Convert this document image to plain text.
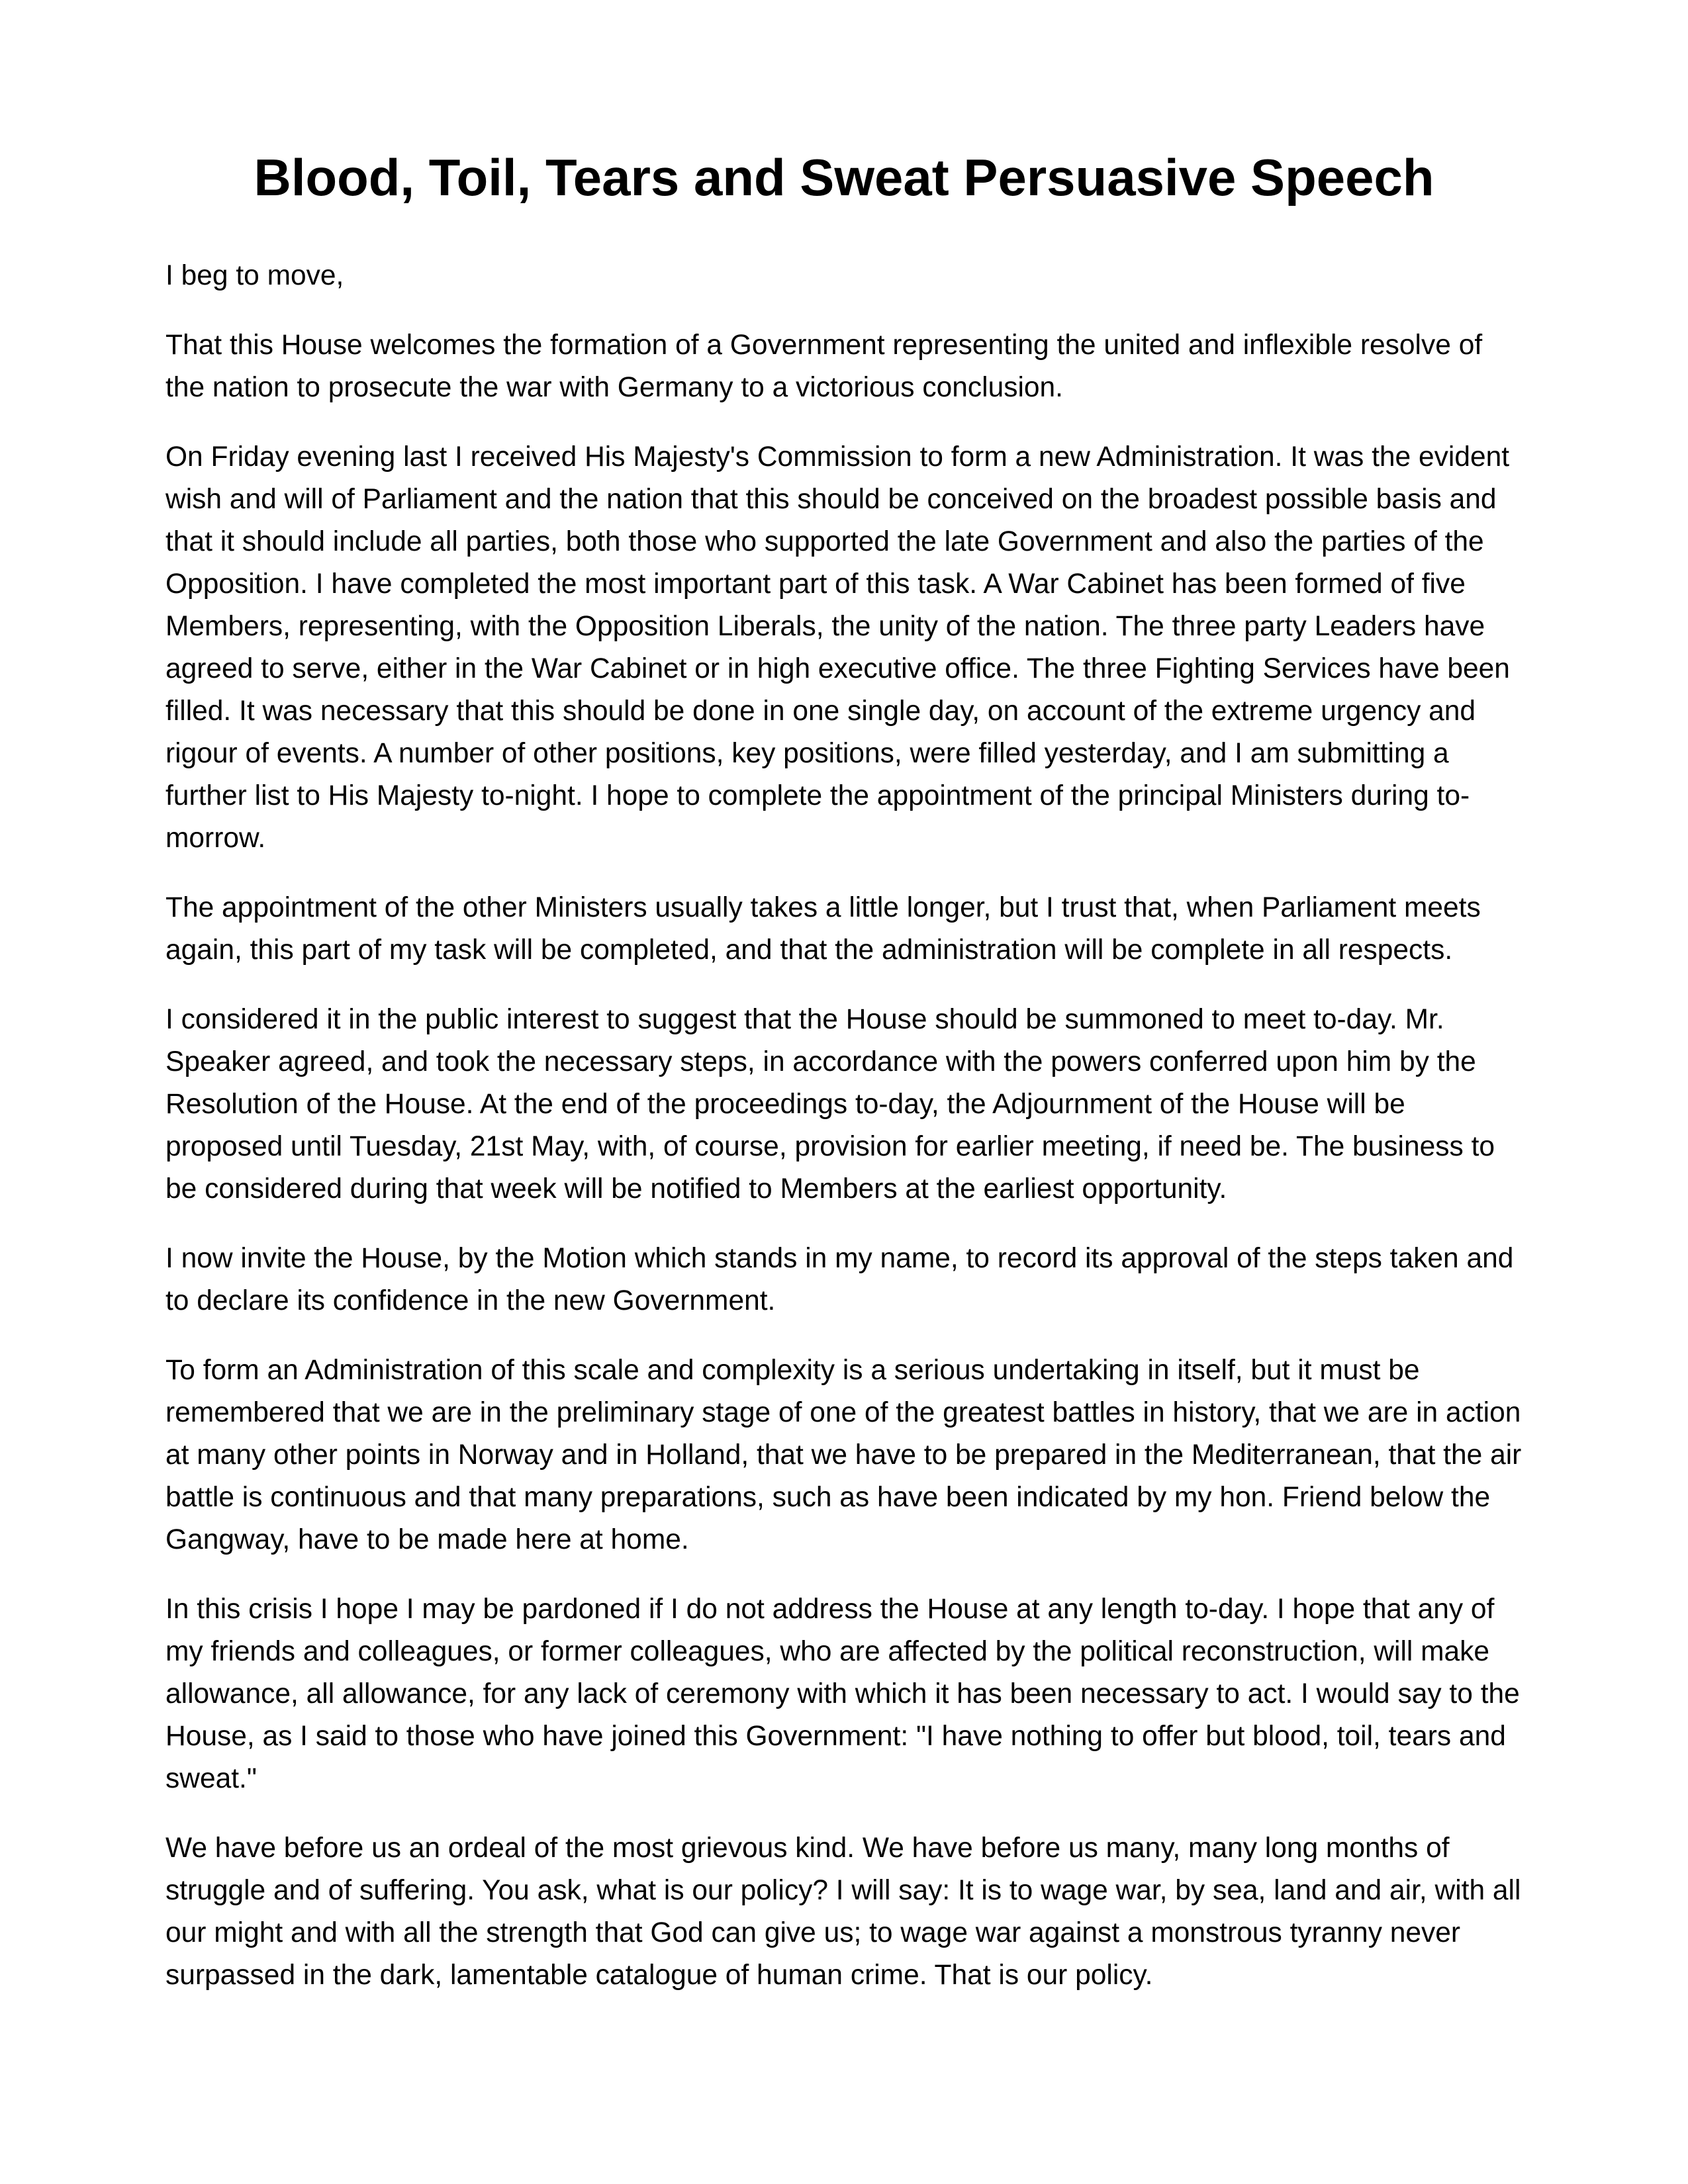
Blood, Toil, Tears and Sweat Persuasive Speech

I beg to move,

That this House welcomes the formation of a Government representing the united and inflexible resolve of the nation to prosecute the war with Germany to a victorious conclusion.

On Friday evening last I received His Majesty's Commission to form a new Administration. It was the evident wish and will of Parliament and the nation that this should be conceived on the broadest possible basis and that it should include all parties, both those who supported the late Government and also the parties of the Opposition. I have completed the most important part of this task. A War Cabinet has been formed of five Members, representing, with the Opposition Liberals, the unity of the nation. The three party Leaders have agreed to serve, either in the War Cabinet or in high executive office. The three Fighting Services have been filled. It was necessary that this should be done in one single day, on account of the extreme urgency and rigour of events. A number of other positions, key positions, were filled yesterday, and I am submitting a further list to His Majesty to-night. I hope to complete the appointment of the principal Ministers during to-morrow.

The appointment of the other Ministers usually takes a little longer, but I trust that, when Parliament meets again, this part of my task will be completed, and that the administration will be complete in all respects.

I considered it in the public interest to suggest that the House should be summoned to meet to-day. Mr. Speaker agreed, and took the necessary steps, in accordance with the powers conferred upon him by the Resolution of the House. At the end of the proceedings to-day, the Adjournment of the House will be proposed until Tuesday, 21st May, with, of course, provision for earlier meeting, if need be. The business to be considered during that week will be notified to Members at the earliest opportunity.

I now invite the House, by the Motion which stands in my name, to record its approval of the steps taken and to declare its confidence in the new Government.

To form an Administration of this scale and complexity is a serious undertaking in itself, but it must be remembered that we are in the preliminary stage of one of the greatest battles in history, that we are in action at many other points in Norway and in Holland, that we have to be prepared in the Mediterranean, that the air battle is continuous and that many preparations, such as have been indicated by my hon. Friend below the Gangway, have to be made here at home.

In this crisis I hope I may be pardoned if I do not address the House at any length to-day. I hope that any of my friends and colleagues, or former colleagues, who are affected by the political reconstruction, will make allowance, all allowance, for any lack of ceremony with which it has been necessary to act. I would say to the House, as I said to those who have joined this Government: "I have nothing to offer but blood, toil, tears and sweat."

We have before us an ordeal of the most grievous kind. We have before us many, many long months of struggle and of suffering. You ask, what is our policy? I will say: It is to wage war, by sea, land and air, with all our might and with all the strength that God can give us; to wage war against a monstrous tyranny never surpassed in the dark, lamentable catalogue of human crime. That is our policy.
